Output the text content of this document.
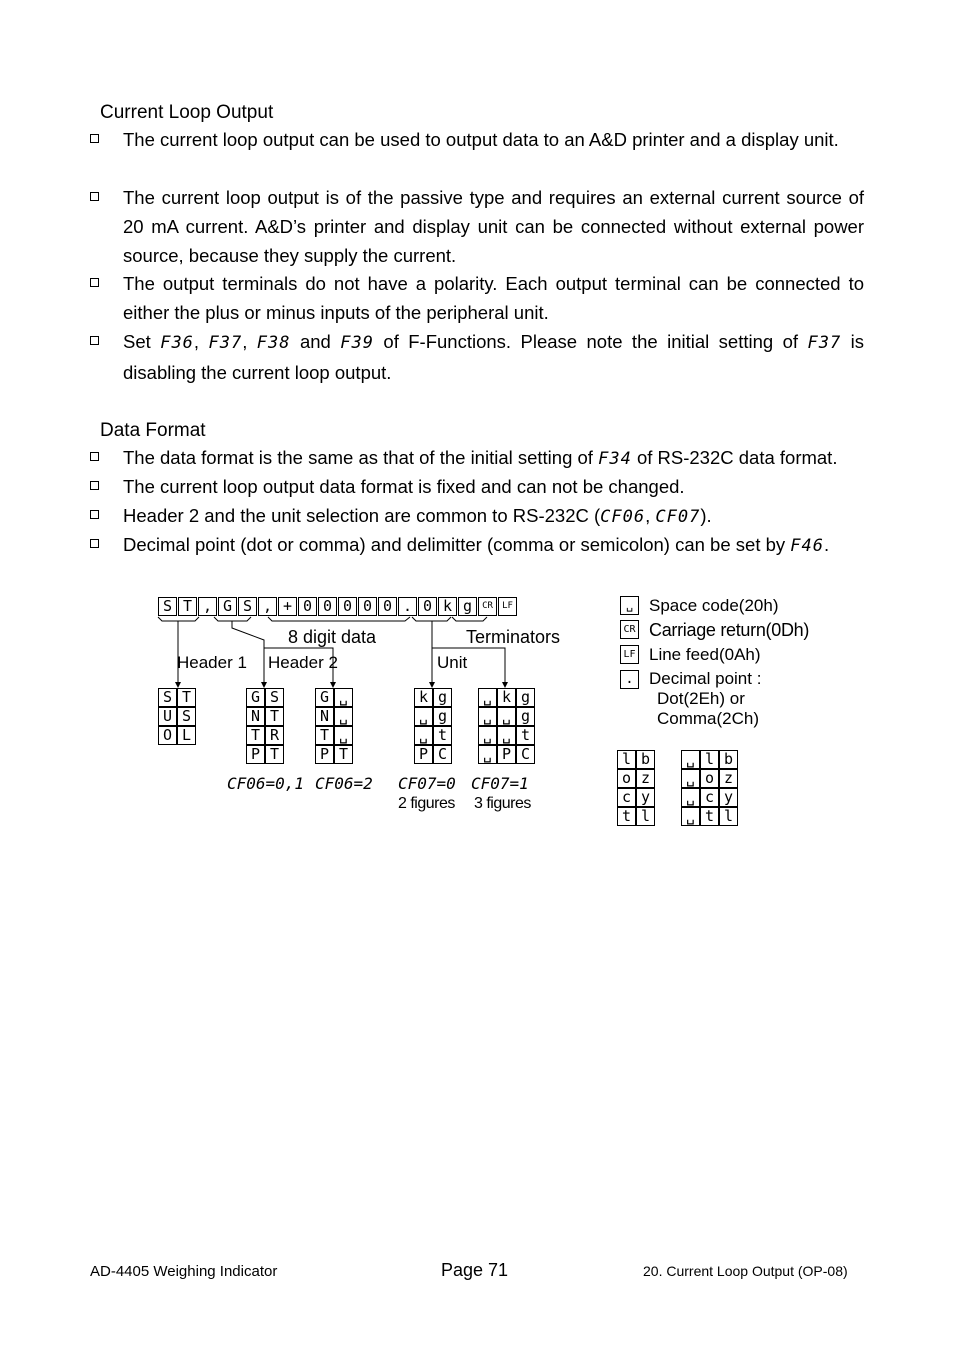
Current Loop Output
The current loop output can be used to output data to an A&D printer and a display unit.
The current loop output is of the passive type and requires an external current source of 20 mA current. A&D’s printer and display unit can be connected without external power source, because they supply the current.
The output terminals do not have a polarity. Each output terminal can be connected to either the plus or minus inputs of the peripheral unit.
Set F36, F37, F38 and F39 of F-Functions. Please note the initial setting of F37 is disabling the current loop output.
Data Format
The data format is the same as that of the initial setting of F34 of RS-232C data format.
The current loop output data format is fixed and can not be changed.
Header 2 and the unit selection are common to RS-232C (CF06, CF07).
Decimal point (dot or comma) and delimitter (comma or semicolon) can be set by F46.
S T , G S , + 0 0 0 0 0 . 0 k g	CR	LF
8 digit data	Terminators
Header 1 Header 2	Unit
S T
U S
O L
G S
N T
T R
P T
G ␣
N ␣
T ␣
P T
k g
␣ g
␣ t
P C
␣ k g
␣ ␣ g
␣ ␣ t
␣ P C
CF06=0,1 CF06=2 CF07=0 CF07=1
2 figures 3 figures
␣ Space code(20h)
CR Carriage return(0Dh)
LF Line feed(0Ah)
. Decimal point :
Dot(2Eh) or
Comma(2Ch)
l b
o z
c y
t l
␣ l b
␣ o z
␣ c y
␣ t l
AD-4405 Weighing Indicator	Page 71	20. Current Loop Output (OP-08)
